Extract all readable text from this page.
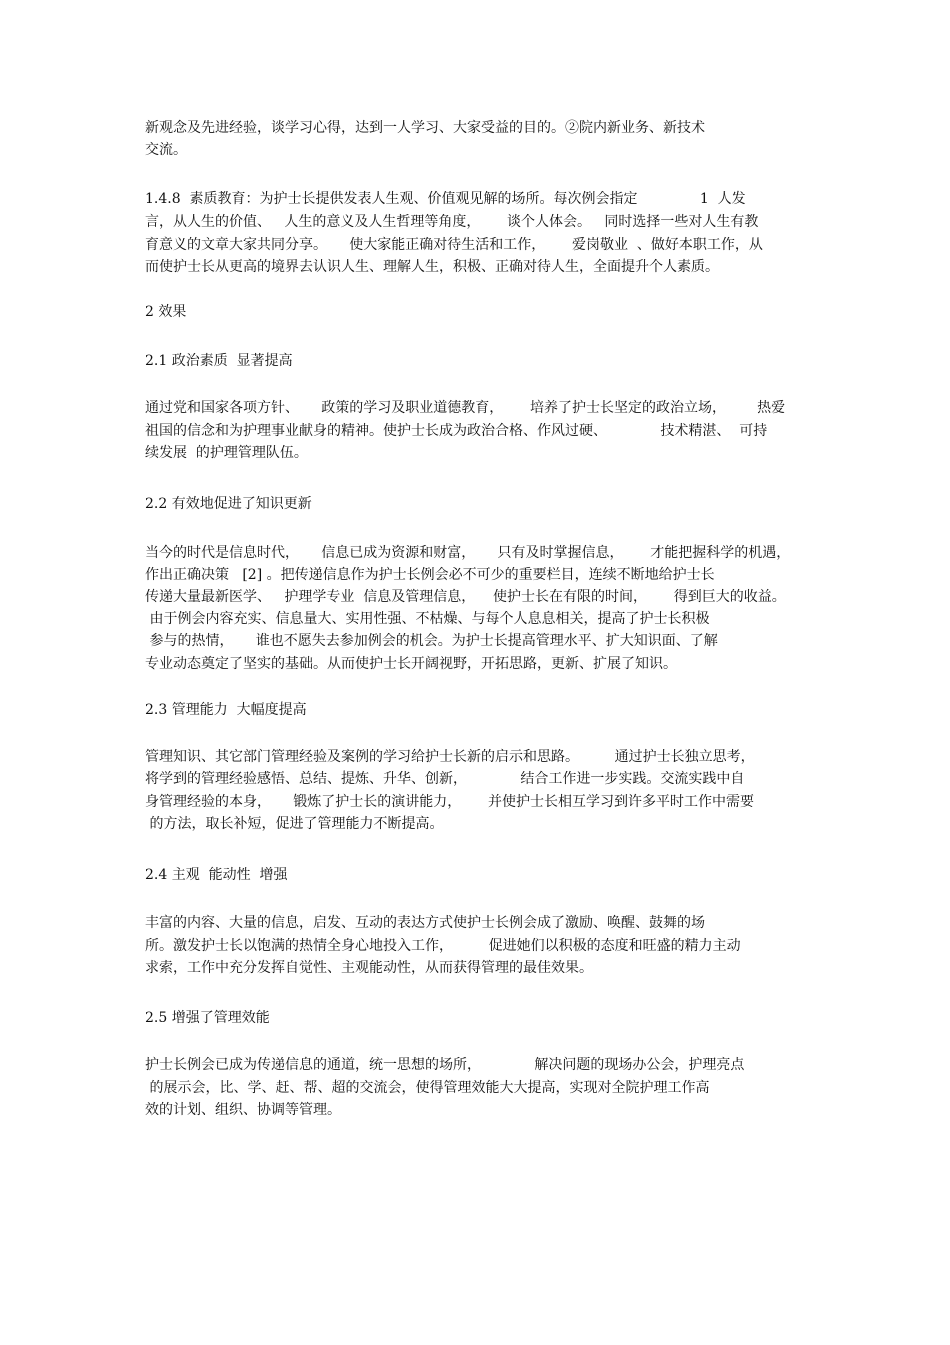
新观念及先进经验，谈学习心得，达到一人学习、大家受益的目的。②院内新业务、新技术

交流。

1.4.8  素质教育：为护士长提供发表人生观、价值观见解的场所。每次例会指定              1  人发

言，从人生的价值、   人生的意义及人生哲理等角度，      谈个人体会。   同时选择一些对人生有教

育意义的文章大家共同分享。     使大家能正确对待生活和工作，      爱岗敬业  、做好本职工作，从

而使护士长从更高的境界去认识人生、理解人生，积极、正确对待人生，全面提升个人素质。

2 效果

2.1 政治素质  显著提高

通过党和国家各项方针、     政策的学习及职业道德教育，      培养了护士长坚定的政治立场，       热爱

祖国的信念和为护理事业献身的精神。使护士长成为政治合格、作风过硬、            技术精湛、  可持

续发展  的护理管理队伍。

2.2 有效地促进了知识更新

当今的时代是信息时代，     信息已成为资源和财富，     只有及时掌握信息，      才能把握科学的机遇，

作出正确决策   [2] 。把传递信息作为护士长例会必不可少的重要栏目，连续不断地给护士长

传递大量最新医学、   护理学专业  信息及管理信息，    使护士长在有限的时间，      得到巨大的收益。

由于例会内容充实、信息量大、实用性强、不枯燥、与每个人息息相关，提高了护士长积极

参与的热情，     谁也不愿失去参加例会的机会。为护士长提高管理水平、扩大知识面、了解

专业动态奠定了坚实的基础。从而使护士长开阔视野，开拓思路，更新、扩展了知识。

2.3 管理能力  大幅度提高

管理知识、其它部门管理经验及案例的学习给护士长新的启示和思路。        通过护士长独立思考，

将学到的管理经验感悟、总结、提炼、升华、创新，            结合工作进一步实践。交流实践中自

身管理经验的本身，     锻炼了护士长的演讲能力，      并使护士长相互学习到许多平时工作中需要

的方法，取长补短，促进了管理能力不断提高。

2.4 主观  能动性  增强

丰富的内容、大量的信息，启发、互动的表达方式使护士长例会成了激励、唤醒、鼓舞的场

所。激发护士长以饱满的热情全身心地投入工作，        促进她们以积极的态度和旺盛的精力主动

求索，工作中充分发挥自觉性、主观能动性，从而获得管理的最佳效果。

2.5 增强了管理效能

护士长例会已成为传递信息的通道，统一思想的场所，            解决问题的现场办公会，护理亮点

的展示会，比、学、赶、帮、超的交流会，使得管理效能大大提高，实现对全院护理工作高

效的计划、组织、协调等管理。
